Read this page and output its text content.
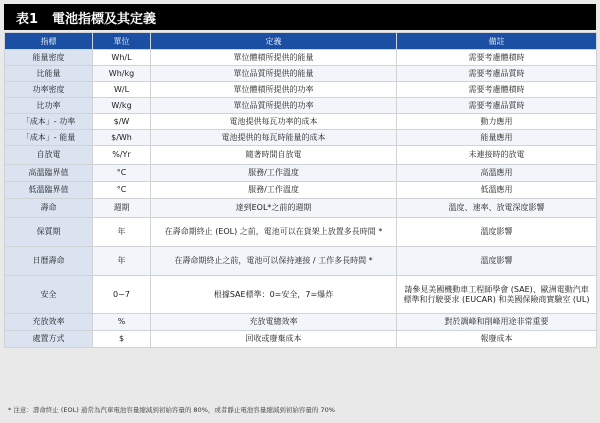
表1 電池指標及其定義
指標	單位	定義	備註
能量密度	Wh/L	單位體積所提供的能量	需要考慮體積時
比能量	Wh/kg	單位品質所提供的能量	需要考慮品質時
功率密度	W/L	單位體積所提供的功率	需要考慮體積時
比功率	W/kg	單位品質所提供的功率	需要考慮品質時
「成本」- 功率	$/W	電池提供每瓦功率的成本	動力應用
「成本」- 能量	$/Wh	電池提供的每瓦時能量的成本	能量應用
自放電	%/Yr	隨著時間自放電	未連接時的放電
高溫臨界值	°C	服務/工作溫度	高溫應用
低溫臨界值	°C	服務/工作溫度	低溫應用
壽命	週期	達到EOL*之前的週期	溫度、速率、放電深度影響
保質期	年	在壽命期終止 (EOL) 之前，電池可以在貨架上放置多長時間 *	溫度影響
日曆壽命	年	在壽命期終止之前，電池可以保持連接 / 工作多長時間 *	溫度影響
安全	0~7	根據SAE標準：0=安全，7=爆炸	請參見美國機動車工程師學會 (SAE)、歐洲電動汽車標準和行駛要求 (EUCAR) 和美國保險商實驗室 (UL)
充放效率	%	充放電總效率	對於調峰和削峰用途非常重要
處置方式	$	回收或廢棄成本	報廢成本
* 注意：壽命終止 (EOL) 通常為汽車電池容量縮減到初始容量的 80%，或者靜止電池容量縮減到初始容量的 70%
